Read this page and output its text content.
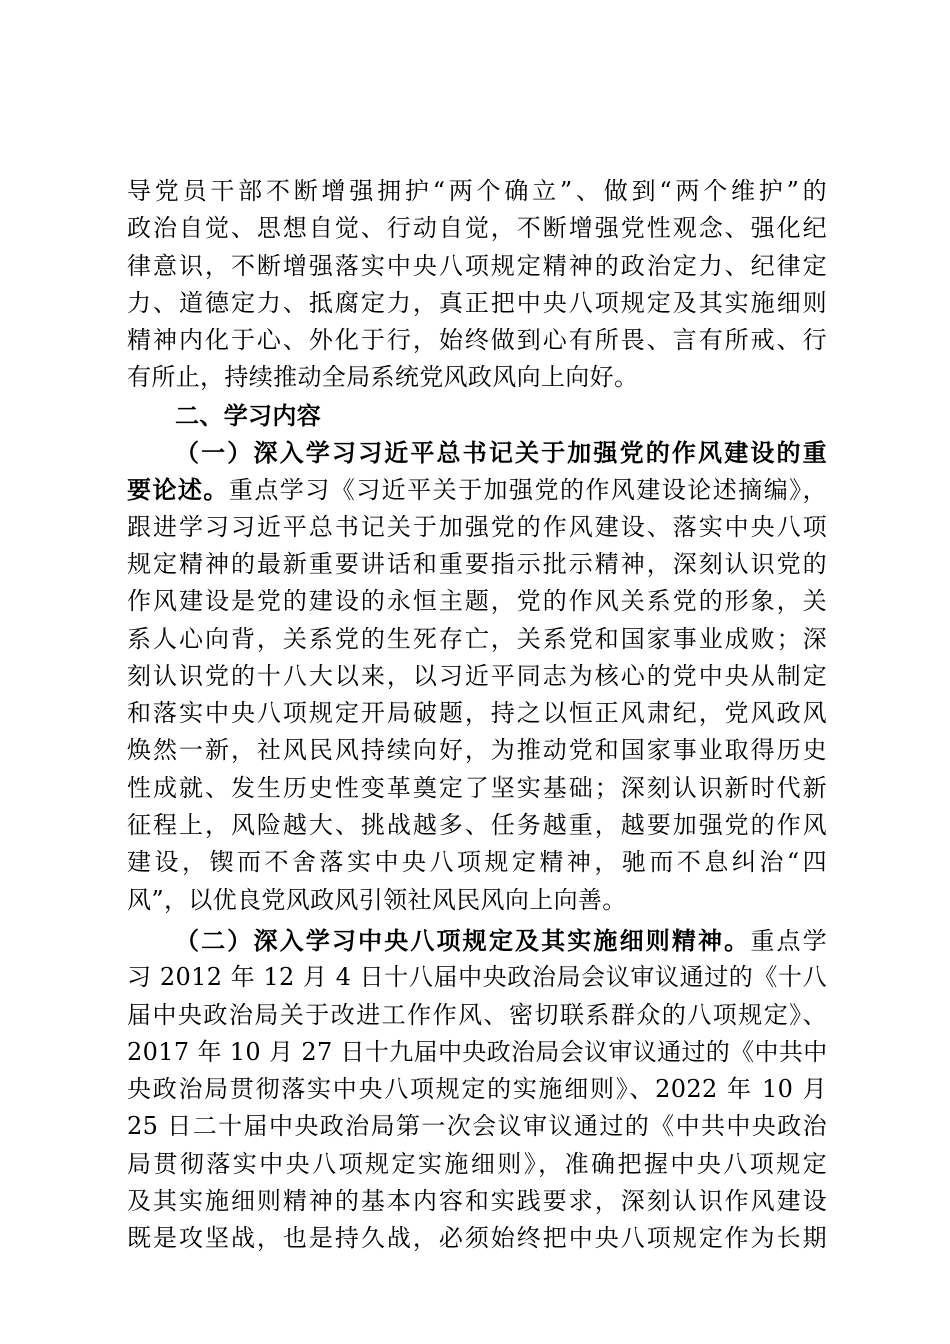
导党员干部不断增强拥护“两个确立”、做到“两个维护”的
政治自觉、思想自觉、行动自觉，不断增强党性观念、强化纪
律意识，不断增强落实中央八项规定精神的政治定力、纪律定
力、道德定力、抵腐定力，真正把中央八项规定及其实施细则
精神内化于心、外化于行，始终做到心有所畏、言有所戒、行
有所止，持续推动全局系统党风政风向上向好。
二、学习内容
（一）深入学习习近平总书记关于加强党的作风建设的重
要论述。重点学习《习近平关于加强党的作风建设论述摘编》，
跟进学习习近平总书记关于加强党的作风建设、落实中央八项
规定精神的最新重要讲话和重要指示批示精神，深刻认识党的
作风建设是党的建设的永恒主题，党的作风关系党的形象，关
系人心向背，关系党的生死存亡，关系党和国家事业成败；深
刻认识党的十八大以来，以习近平同志为核心的党中央从制定
和落实中央八项规定开局破题，持之以恒正风肃纪，党风政风
焕然一新，社风民风持续向好，为推动党和国家事业取得历史
性成就、发生历史性变革奠定了坚实基础；深刻认识新时代新
征程上，风险越大、挑战越多、任务越重，越要加强党的作风
建设，锲而不舍落实中央八项规定精神，驰而不息纠治“四
风”，以优良党风政风引领社风民风向上向善。
（二）深入学习中央八项规定及其实施细则精神。重点学
习 2012 年 12 月 4 日十八届中央政治局会议审议通过的《十八
届中央政治局关于改进工作作风、密切联系群众的八项规定》、
2017 年 10 月 27 日十九届中央政治局会议审议通过的《中共中
央政治局贯彻落实中央八项规定的实施细则》、2022 年 10 月
25 日二十届中央政治局第一次会议审议通过的《中共中央政治
局贯彻落实中央八项规定实施细则》，准确把握中央八项规定
及其实施细则精神的基本内容和实践要求，深刻认识作风建设
既是攻坚战，也是持久战，必须始终把中央八项规定作为长期
